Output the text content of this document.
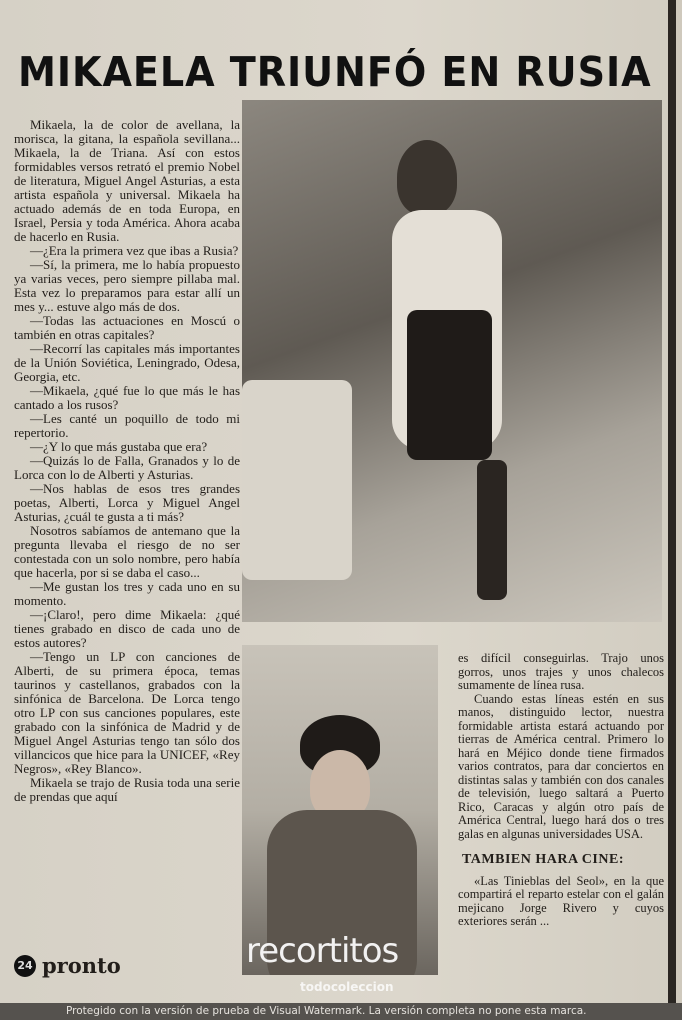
MIKAELA TRIUNFÓ EN RUSIA

Mikaela, la de color de avellana, la morisca, la gitana, la española sevillana... Mikaela, la de Triana. Así con estos formidables versos retrató el premio Nobel de literatura, Miguel Angel Asturias, a esta artista española y universal. Mikaela ha actuado además de en toda Europa, en Israel, Persia y toda América. Ahora acaba de hacerlo en Rusia.

—¿Era la primera vez que ibas a Rusia?

—Sí, la primera, me lo había propuesto ya varias veces, pero siempre pillaba mal. Esta vez lo preparamos para estar allí un mes y... estuve algo más de dos.

—Todas las actuaciones en Moscú o también en otras capitales?

—Recorrí las capitales más importantes de la Unión Soviética, Leningrado, Odesa, Georgia, etc.

—Mikaela, ¿qué fue lo que más le has cantado a los rusos?

—Les canté un poquillo de todo mi repertorio.

—¿Y lo que más gustaba que era?

—Quizás lo de Falla, Granados y lo de Lorca con lo de Alberti y Asturias.

—Nos hablas de esos tres grandes poetas, Alberti, Lorca y Miguel Angel Asturias, ¿cuál te gusta a ti más?

Nosotros sabíamos de antemano que la pregunta llevaba el riesgo de no ser contestada con un solo nombre, pero había que hacerla, por si se daba el caso...

—Me gustan los tres y cada uno en su momento.

—¡Claro!, pero dime Mikaela: ¿qué tienes grabado en disco de cada uno de estos autores?

—Tengo un LP con canciones de Alberti, de su primera época, temas taurinos y castellanos, grabados con la sinfónica de Barcelona. De Lorca tengo otro LP con sus canciones populares, este grabado con la sinfónica de Madrid y de Miguel Angel Asturias tengo tan sólo dos villancicos que hice para la UNICEF, «Rey Negros», «Rey Blanco».

Mikaela se trajo de Rusia toda una serie de prendas que aquí

24 pronto

es difícil conseguirlas. Trajo unos gorros, unos trajes y unos chalecos sumamente de línea rusa.

Cuando estas líneas estén en sus manos, distinguido lector, nuestra formidable artista estará actuando por tierras de América central. Primero lo hará en Méjico donde tiene firmados varios contratos, para dar conciertos en distintas salas y también con dos canales de televisión, luego saltará a Puerto Rico, Caracas y algún otro país de América Central, luego hará dos o tres galas en algunas universidades USA.

TAMBIEN HARA CINE:

«Las Tinieblas del Seol», en la que compartirá el reparto estelar con el galán mejicano Jorge Rivero y cuyos exteriores serán ...

recortitos
todocoleccion
Protegido con la versión de prueba de Visual Watermark. La versión completa no pone esta marca.
